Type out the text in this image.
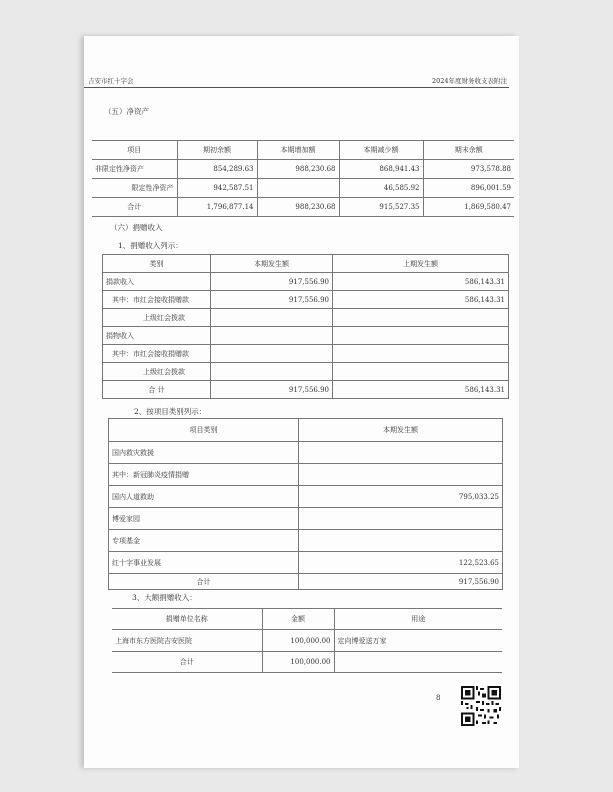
吉安市红十字会	2024年度财务收支表附注
（五）净资产
项目	期初余额	本期增加额	本期减少额	期末余额
非限定性净资产	854,289.63	988,230.68	868,941.43	973,578.88
限定性净资产	942,587.51		46,585.92	896,001.59
合计	1,796,877.14	988,230.68	915,527.35	1,869,580.47
（六）捐赠收入
1、捐赠收入列示：
类别	本期发生额	上期发生额
捐款收入	917,556.90	586,143.31
其中：市红会接收捐赠款	917,556.90	586,143.31
上级红会拨款		
捐物收入		
其中：市红会接收捐赠款		
上级红会拨款		
合 计	917,556.90	586,143.31
2、按项目类别列示：
项目类别	本期发生额
国内救灾救援	
其中：新冠肺炎疫情捐赠	
国内人道救助	795,033.25
博爱家园	
专项基金	
红十字事业发展	122,523.65
合计	917,556.90
3、大额捐赠收入：
捐赠单位名称	金额	用途
上海市东方医院吉安医院	100,000.00	定向博爱送万家
合计	100,000.00	
8
